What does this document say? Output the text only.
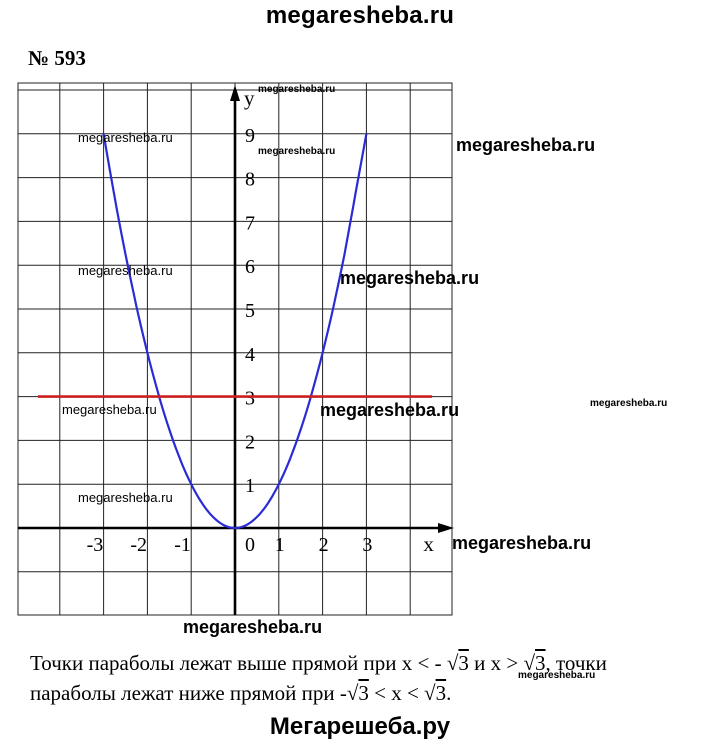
megaresheba.ru
№ 593
x
y
-3 -2 -1	0 1 2 3
1
2
3
4
5
6
7
8
9
megaresheba.ru
megaresheba.ru
megaresheba.ru	megaresheba.ru
megaresheba.ru	megaresheba.ru
megaresheba.ru	megaresheba.ru	megaresheba.ru
megaresheba.ru
megaresheba.ru
megaresheba.ru
megaresheba.ru
Точки параболы лежат выше прямой при x < - √3 и x > √3, точки
параболы лежат ниже прямой при -√3 < x < √3.
Мегарешеба.ру
